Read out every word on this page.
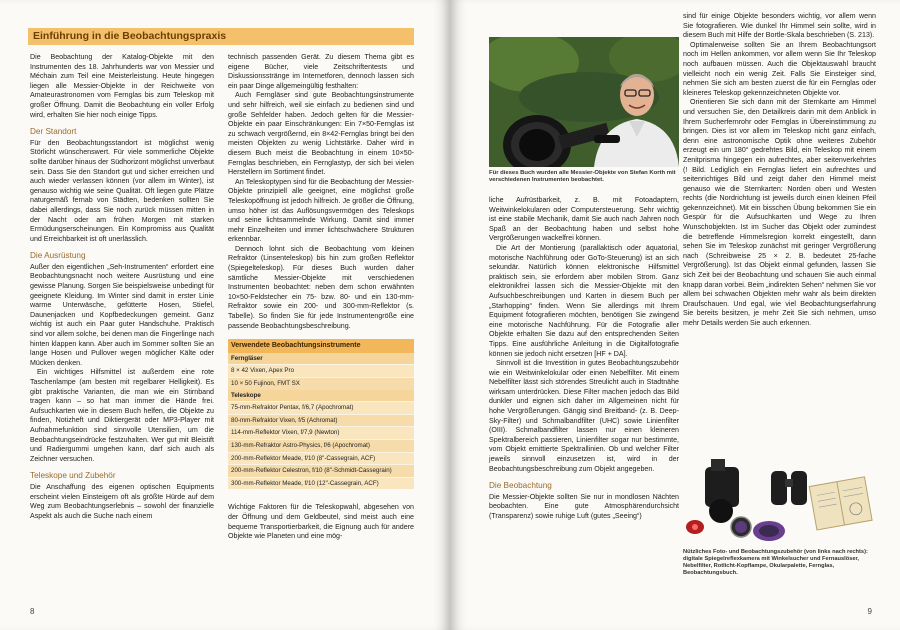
Einführung in die Beobachtungspraxis

Die Beobachtung der Katalog-Objekte mit den Instrumenten des 18. Jahrhunderts war von Messier und Méchain zum Teil eine Meisterleistung. Heute hingegen liegen alle Messier-Objekte in der Reichweite von Amateurastronomen vom Fernglas bis zum Teleskop mit großer Öffnung. Damit die Beobachtung ein voller Erfolg wird, erhalten Sie hier noch einige Tipps.

Der Standort

Für den Beobachtungsstandort ist möglichst wenig Störlicht wünschenswert. Für viele sommerliche Objekte sollte darüber hinaus der Südhorizont möglichst unverbaut sein. Dass Sie den Standort gut und sicher erreichen und auch wieder verlassen können (vor allem im Winter), ist genauso wichtig wie seine Qualität. Oft liegen gute Plätze naturgemäß fernab von Städten, bedenken sollten Sie dabei allerdings, dass Sie noch zurück müssen mitten in der Nacht oder am frühen Morgen mit starken Ermüdungserscheinungen. Ein Kompromiss aus Qualität und Erreichbarkeit ist oft unerlässlich.

Die Ausrüstung

Außer den eigentlichen „Seh-Instrumenten“ erfordert eine Beobachtungsnacht noch weitere Ausrüstung und eine gewisse Planung. Sorgen Sie beispielsweise unbedingt für geeignete Kleidung. Im Winter sind damit in erster Linie warme Unterwäsche, gefütterte Hosen, Stiefel, Daunenjacken und Kopfbedeckungen gemeint. Ganz wichtig ist auch ein Paar guter Handschuhe. Praktisch sind vor allem solche, bei denen man die Fingerlinge nach hinten klappen kann. Aber auch im Sommer sollten Sie an lange Hosen und Pullover wegen möglicher Kälte oder Mücken denken.

Ein wichtiges Hilfsmittel ist außerdem eine rote Taschenlampe (am besten mit regelbarer Helligkeit). Es gibt praktische Varianten, die man wie ein Stirnband tragen kann – so hat man immer die Hände frei. Aufsuchkarten wie in diesem Buch helfen, die Objekte zu finden, Notizheft und Diktiergerät oder MP3-Player mit Aufnahmefunktion sind sinnvolle Utensilien, um die Beobachtungseindrücke festzuhalten. Wer gut mit Bleistift und Radiergummi umgehen kann, darf sich auch als Zeichner versuchen.

Teleskope und Zubehör

Die Anschaffung des eigenen optischen Equipments erscheint vielen Einsteigern oft als größte Hürde auf dem Weg zum Beobachtungserlebnis – sowohl der finanzielle Aspekt als auch die Suche nach einem

technisch passenden Gerät. Zu diesem Thema gibt es eigene Bücher, viele Zeitschriftentests und Diskussionsstränge im Internetforen, dennoch lassen sich ein paar Dinge allgemeingültig festhalten:

Auch Ferngläser sind gute Beobachtungsinstrumente und sehr hilfreich, weil sie einfach zu bedienen sind und große Sehfelder haben. Jedoch gelten für die Messier-Objekte ein paar Einschränkungen: Ein 7×50-Fernglas ist zu schwach vergrößernd, ein 8×42-Fernglas bringt bei den meisten Objekten zu wenig Lichtstärke. Daher wird in diesem Buch meist die Beobachtung in einem 10×50-Fernglas beschrieben, ein Fernglastyp, der sich bei vielen Herstellern im Sortiment findet.

An Teleskoptypen sind für die Beobachtung der Messier-Objekte prinzipiell alle geeignet, eine möglichst große Teleskopöffnung ist jedoch hilfreich. Je größer die Öffnung, umso höher ist das Auflösungsvermögen des Teleskops und seine lichtsammelnde Wirkung. Damit sind immer mehr Einzelheiten und immer lichtschwächere Strukturen erkennbar.

Dennoch lohnt sich die Beobachtung vom kleinen Refraktor (Linsenteleskop) bis hin zum großen Reflektor (Spiegelteleskop). Für dieses Buch wurden daher sämtliche Messier-Objekte mit verschiedenen Instrumenten beobachtet: neben dem schon erwähnten 10×50-Feldstecher ein 75- bzw. 80- und ein 130-mm-Refraktor sowie ein 200- und 300-mm-Reflektor (s. Tabelle). So finden Sie für jede Instrumentengröße eine passende Beobachtungsbeschreibung.

Verwendete Beobachtungsinstrumente
Ferngläser
8 × 42 Vixen, Apex Pro
10 × 50 Fujinon, FMT SX
Teleskope
75-mm-Refraktor Pentax, f/6,7 (Apochromat)
80-mm-Refraktor Vixen, f/5 (Achromat)
114-mm-Reflektor Vixen, f/7,9 (Newton)
130-mm-Refraktor Astro-Physics, f/6 (Apochromat)
200-mm-Reflektor Meade, f/10 (8"-Cassegrain, ACF)
200-mm-Reflektor Celestron, f/10 (8"-Schmidt-Cassegrain)
300-mm-Reflektor Meade, f/10 (12"-Cassegrain, ACF)

Wichtige Faktoren für die Teleskopwahl, abgesehen von der Öffnung und dem Geldbeutel, sind meist auch eine bequeme Transportierbarkeit, die Eignung auch für andere Objekte wie Planeten und eine mög-

8	9
Für dieses Buch wurden alle Messier-Objekte von Stefan Korth mit verschiedenen Instrumenten beobachtet.

liche Aufrüstbarkeit, z. B. mit Fotoadaptern, Weitwinkelokularen oder Computersteuerung. Sehr wichtig ist eine stabile Mechanik, damit Sie auch nach Jahren noch Spaß an der Beobachtung haben und selbst hohe Vergrößerungen wackelfrei können.

Die Art der Montierung (parallaktisch oder äquatorial, motorische Nachführung oder GoTo-Steuerung) ist an sich sekundär. Natürlich können elektronische Hilfsmittel praktisch sein, sie erfordern aber mobilen Strom. Ganz elektronikfrei lassen sich die Messier-Objekte mit den Aufsuchbeschreibungen und Karten in diesem Buch per „Starhopping“ finden. Wenn Sie allerdings mit Ihrem Equipment fotografieren möchten, benötigen Sie zwingend eine motorische Nachführung. Für die Fotografie aller Objekte erhalten Sie dazu auf den entsprechenden Seiten Tipps. Eine ausführliche Anleitung in die Digitalfotografie können sie jedoch nicht ersetzen [HF + DA].

Sinnvoll ist die Investition in gutes Beobachtungszubehör wie ein Weitwinkelokular oder einen Nebelfilter. Mit einem Nebelfilter lässt sich störendes Streulicht auch in Stadtnähe wirksam unterdrücken. Diese Filter machen jedoch das Bild dunkler und eignen sich daher im Allgemeinen nicht für hohe Vergrößerungen. Gängig sind Breitband- (z. B. Deep-Sky-Filter) und Schmalbandfilter (UHC) sowie Linienfilter (OIII). Schmalbandfilter lassen nur einen kleineren Spektralbereich passieren, Linienfilter sogar nur bestimmte, vom Objekt emittierte Spektrallinien. Ob und welcher Filter jeweils sinnvoll einzusetzen ist, wird in der Beobachtungsbeschreibung zum Objekt angegeben.

Die Beobachtung

Die Messier-Objekte sollten Sie nur in mondlosen Nächten beobachten. Eine gute Atmosphärendurchsicht (Transparenz) sowie ruhige Luft (gutes „Seeing“)

sind für einige Objekte besonders wichtig, vor allem wenn Sie fotografieren. Wie dunkel Ihr Himmel sein sollte, wird in diesem Buch mit Hilfe der Bortle-Skala beschrieben (S. 213).

Optimalerweise sollten Sie an Ihrem Beobachtungsort noch im Hellen ankommen, vor allem wenn Sie Ihr Teleskop noch aufbauen müssen. Auch die Objektauswahl braucht vielleicht noch ein wenig Zeit. Falls Sie Einsteiger sind, nehmen Sie sich am besten zuerst die für ein Fernglas oder kleineres Teleskop gekennzeichneten Objekte vor.

Orientieren Sie sich dann mit der Sternkarte am Himmel und versuchen Sie, den Detailkreis darin mit dem Anblick in Ihrem Sucherfernrohr oder Fernglas in Übereinstimmung zu bringen. Dies ist vor allem im Teleskop nicht ganz einfach, denn eine astronomische Optik ohne weiteres Zubehör erzeugt ein um 180° gedrehtes Bild, ein Teleskop mit einem Zenitprisma hingegen ein aufrechtes, aber seitenverkehrtes (! Bild. Lediglich ein Fernglas liefert ein aufrechtes und seitenrichtiges Bild und zeigt daher den Himmel meist genauso wie die Sternkarten: Norden oben und Westen rechts (die Nordrichtung ist jeweils durch einen kleinen Pfeil gekennzeichnet). Mit ein bisschen Übung bekommen Sie ein Gespür für die Aufsuchkarten und Wege zu Ihren Wunschobjekten. Ist im Sucher das Objekt oder zumindest die betreffende Himmelsregion korrekt eingestellt, dann sehen Sie im Teleskop zunächst mit geringer Vergrößerung nach (Schreibweise 25 × 2. B. bedeutet 25-fache Vergrößerung). Ist das Objekt einmal gefunden, lassen Sie sich Zeit bei der Beobachtung und schauen Sie auch einmal knapp daran vorbei. Beim „indirekten Sehen“ nehmen Sie vor allem bei schwachen Objekten mehr wahr als beim direkten Draufschauen. Und egal, wie viel Beobachtungserfahrung Sie bereits besitzen, je mehr Zeit Sie sich nehmen, umso mehr Details werden Sie auch erkennen.

Nützliches Foto- und Beobachtungszubehör (von links nach rechts): digitale Spiegelreflexkamera mit Winkelsucher und Fernauslöser, Nebelfilter, Rotlicht-Kopflampe, Okularpalette, Fernglas, Beobachtungsbuch.
